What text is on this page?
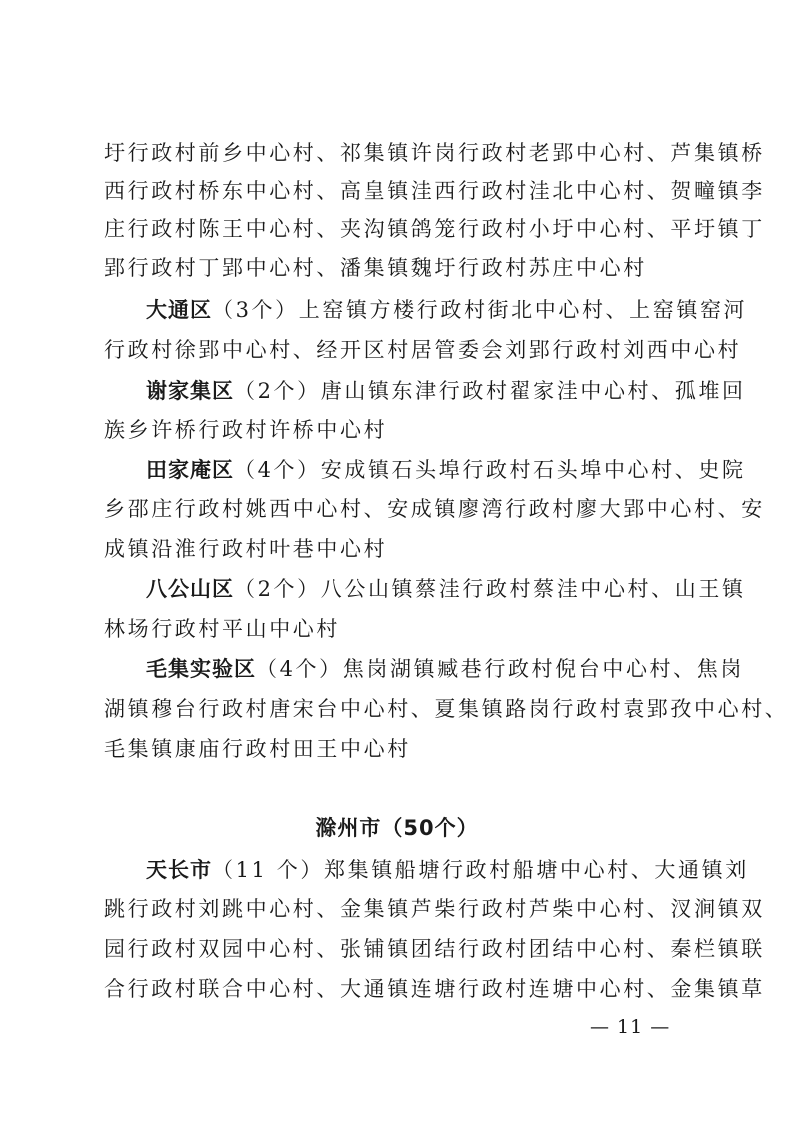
圩行政村前乡中心村、祁集镇许岗行政村老郢中心村、芦集镇桥
西行政村桥东中心村、高皇镇洼西行政村洼北中心村、贺疃镇李
庄行政村陈王中心村、夹沟镇鸽笼行政村小圩中心村、平圩镇丁
郢行政村丁郢中心村、潘集镇魏圩行政村苏庄中心村
大通区（3个）上窑镇方楼行政村街北中心村、上窑镇窑河
行政村徐郢中心村、经开区村居管委会刘郢行政村刘西中心村
谢家集区（2个）唐山镇东津行政村翟家洼中心村、孤堆回
族乡许桥行政村许桥中心村
田家庵区（4个）安成镇石头埠行政村石头埠中心村、史院
乡邵庄行政村姚西中心村、安成镇廖湾行政村廖大郢中心村、安
成镇沿淮行政村叶巷中心村
八公山区（2个）八公山镇蔡洼行政村蔡洼中心村、山王镇
林场行政村平山中心村
毛集实验区（4个）焦岗湖镇臧巷行政村倪台中心村、焦岗
湖镇穆台行政村唐宋台中心村、夏集镇路岗行政村袁郢孜中心村、
毛集镇康庙行政村田王中心村
滁州市（50个）
天长市（11 个）郑集镇船塘行政村船塘中心村、大通镇刘
跳行政村刘跳中心村、金集镇芦柴行政村芦柴中心村、汊涧镇双
园行政村双园中心村、张铺镇团结行政村团结中心村、秦栏镇联
合行政村联合中心村、大通镇连塘行政村连塘中心村、金集镇草
— 11 —
